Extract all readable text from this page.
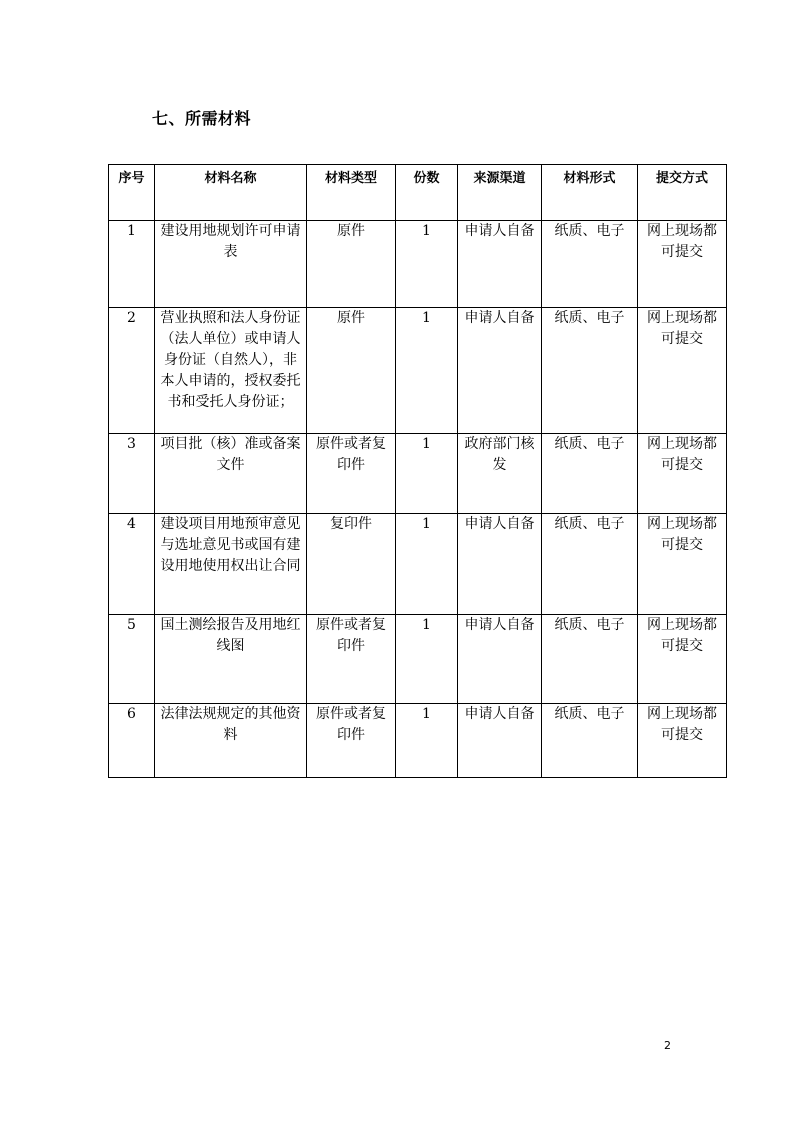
七、所需材料
序号	材料名称	材料类型	份数	来源渠道	材料形式	提交方式
1	建设用地规划许可申请表	原件	1	申请人自备	纸质、电子	网上现场都可提交
2	营业执照和法人身份证（法人单位）或申请人身份证（自然人），非本人申请的，授权委托书和受托人身份证；	原件	1	申请人自备	纸质、电子	网上现场都可提交
3	项目批（核）准或备案文件	原件或者复印件	1	政府部门核发	纸质、电子	网上现场都可提交
4	建设项目用地预审意见与选址意见书或国有建设用地使用权出让合同	复印件	1	申请人自备	纸质、电子	网上现场都可提交
5	国土测绘报告及用地红线图	原件或者复印件	1	申请人自备	纸质、电子	网上现场都可提交
6	法律法规规定的其他资料	原件或者复印件	1	申请人自备	纸质、电子	网上现场都可提交
2
